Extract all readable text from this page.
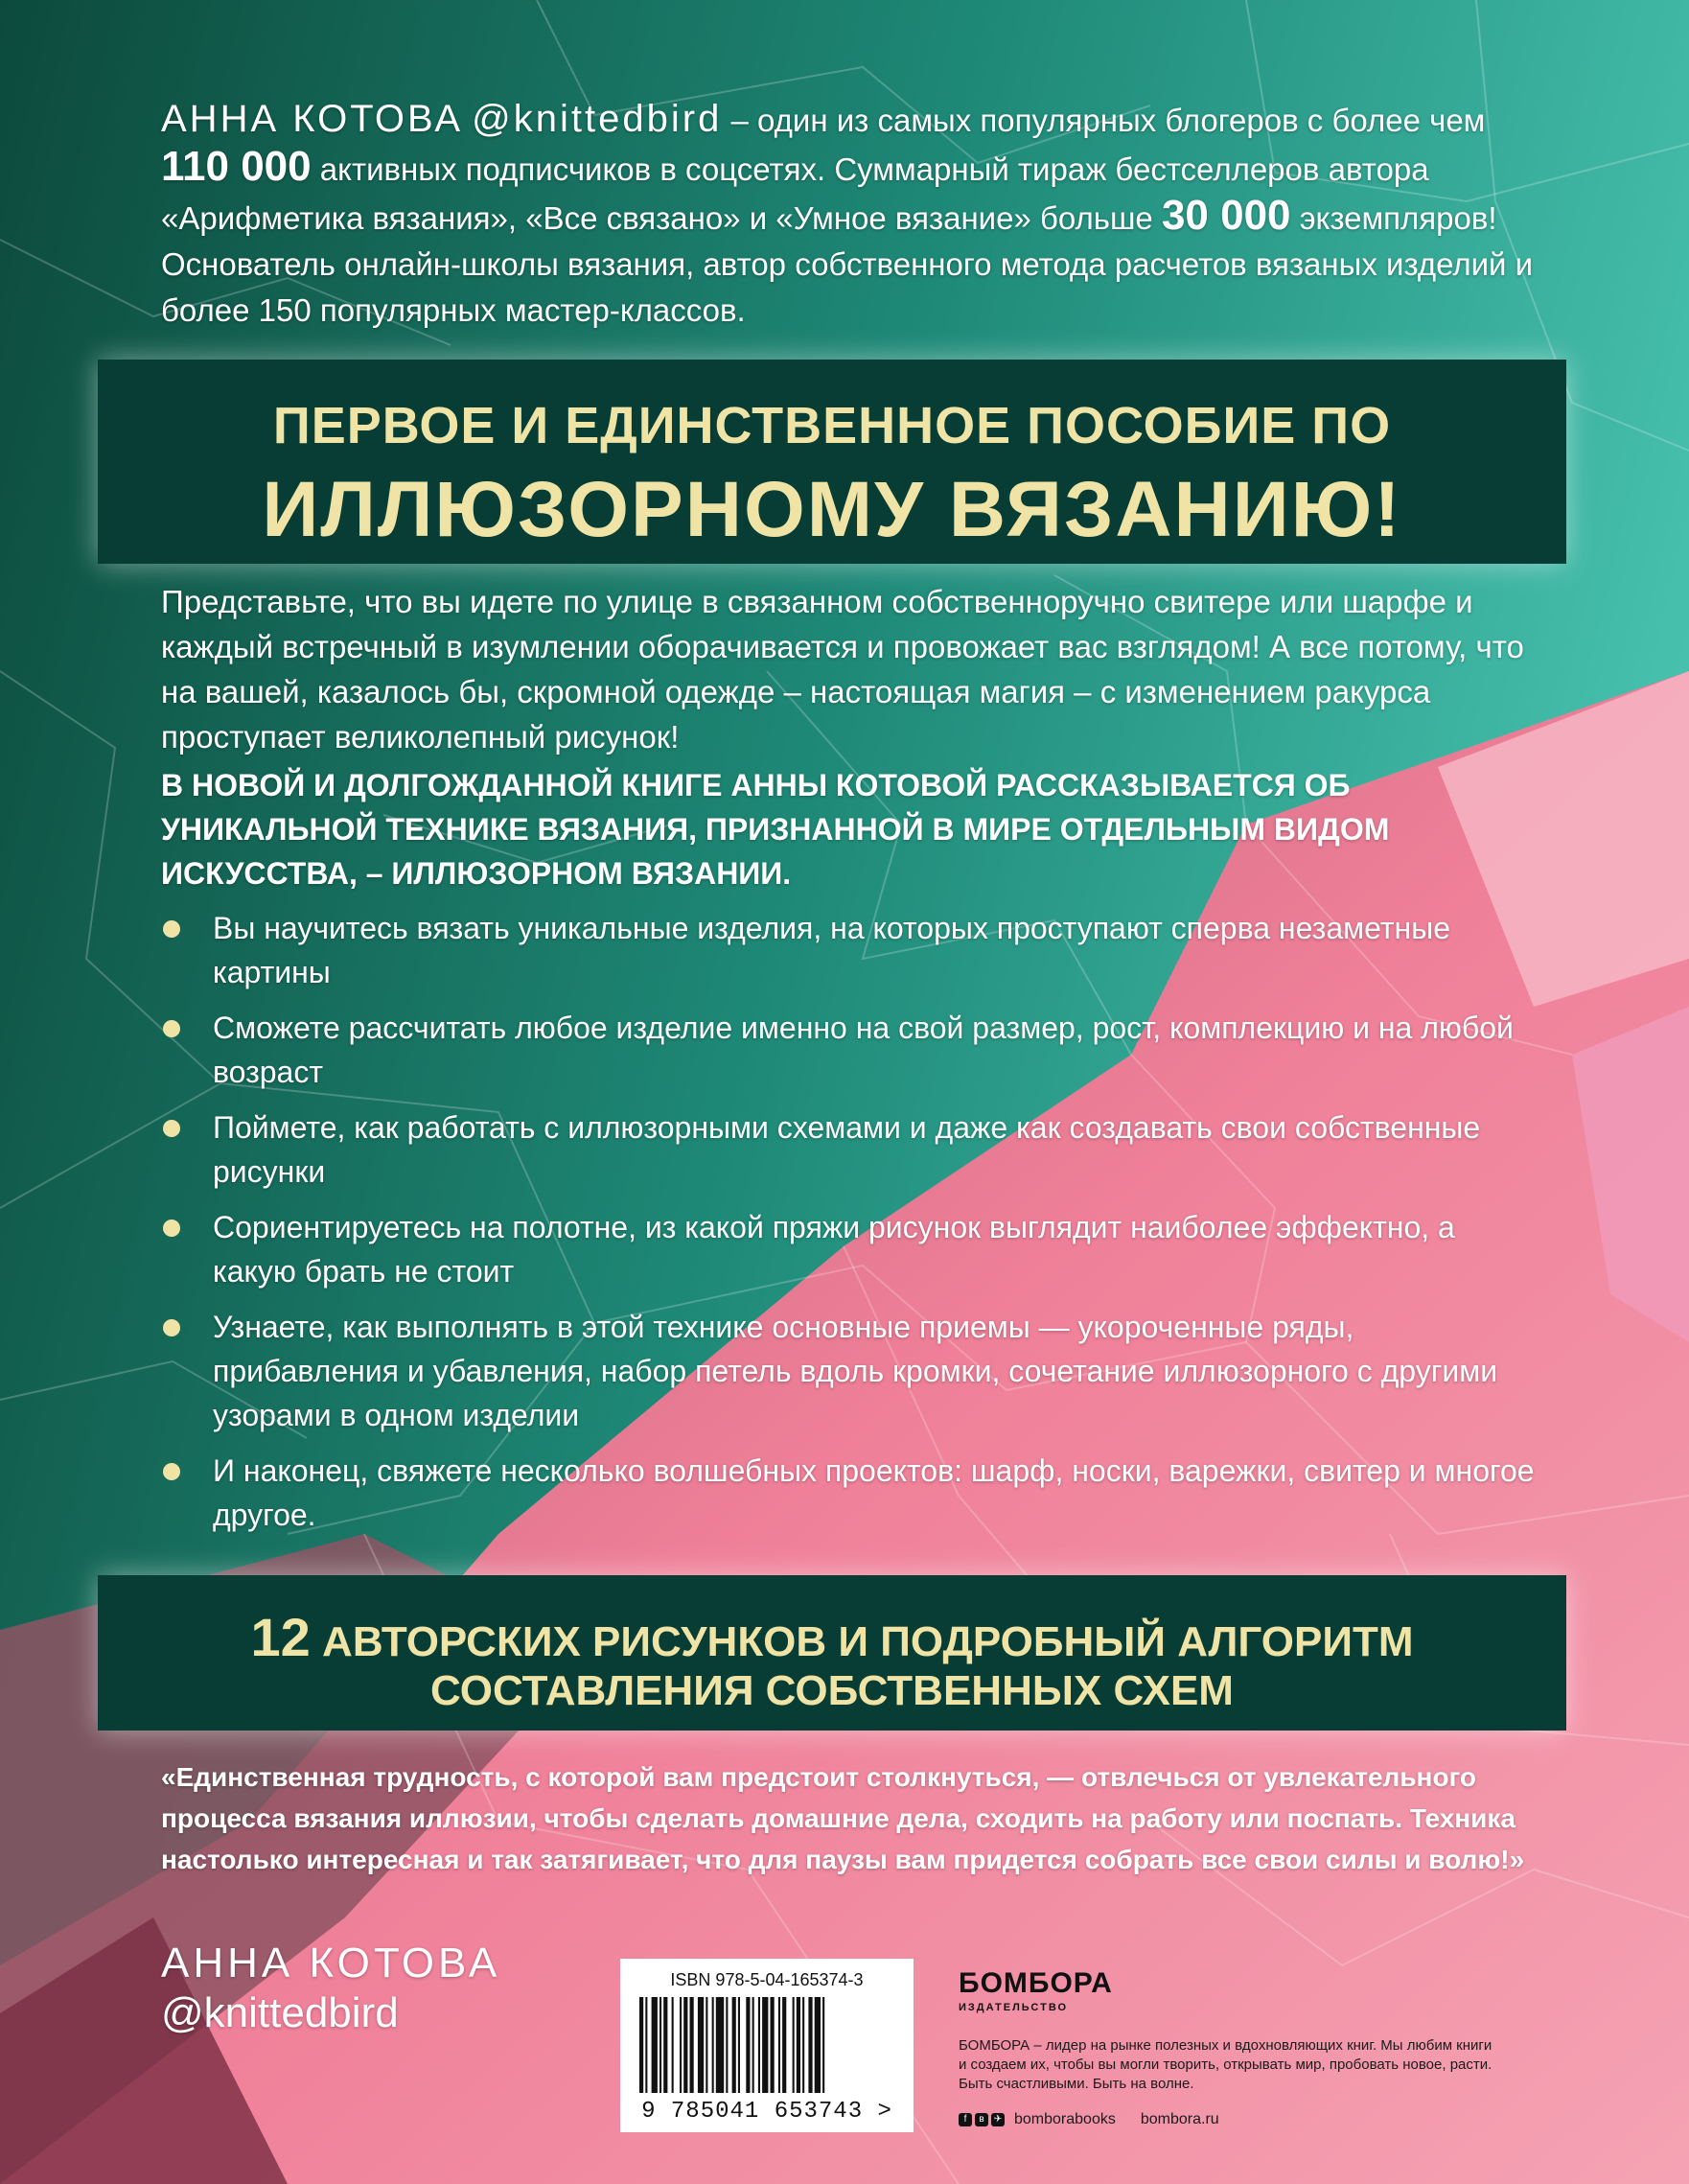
АННА КОТОВА @knittedbird – один из самых популярных блогеров с более чем 110 000 активных подписчиков в соцсетях. Суммарный тираж бестселлеров автора «Арифметика вязания», «Все связано» и «Умное вязание» больше 30 000 экземпляров! Основатель онлайн-школы вязания, автор собственного метода расчетов вязаных изделий и более 150 популярных мастер-классов.
ПЕРВОЕ И ЕДИНСТВЕННОЕ ПОСОБИЕ ПО
ИЛЛЮЗОРНОМУ ВЯЗАНИЮ!
Представьте, что вы идете по улице в связанном собственноручно свитере или шарфе и каждый встречный в изумлении оборачивается и провожает вас взглядом! А все потому, что на вашей, казалось бы, скромной одежде – настоящая магия – с изменением ракурса проступает великолепный рисунок!
В НОВОЙ И ДОЛГОЖДАННОЙ КНИГЕ АННЫ КОТОВОЙ РАССКАЗЫВАЕТСЯ ОБ УНИКАЛЬНОЙ ТЕХНИКЕ ВЯЗАНИЯ, ПРИЗНАННОЙ В МИРЕ ОТДЕЛЬНЫМ ВИДОМ ИСКУССТВА, – ИЛЛЮЗОРНОМ ВЯЗАНИИ.
Вы научитесь вязать уникальные изделия, на которых проступают сперва незаметные картины
Сможете рассчитать любое изделие именно на свой размер, рост, комплекцию и на любой возраст
Поймете, как работать с иллюзорными схемами и даже как создавать свои собственные рисунки
Сориентируетесь на полотне, из какой пряжи рисунок выглядит наиболее эффектно, а какую брать не стоит
Узнаете, как выполнять в этой технике основные приемы — укороченные ряды, прибавления и убавления, набор петель вдоль кромки, сочетание иллюзорного с другими узорами в одном изделии
И наконец, свяжете несколько волшебных проектов: шарф, носки, варежки, свитер и многое другое.
12 АВТОРСКИХ РИСУНКОВ И ПОДРОБНЫЙ АЛГОРИТМ
СОСТАВЛЕНИЯ СОБСТВЕННЫХ СХЕМ
«Единственная трудность, с которой вам предстоит столкнуться, — отвлечься от увлекательного процесса вязания иллюзии, чтобы сделать домашние дела, сходить на работу или поспать. Техника настолько интересная и так затягивает, что для паузы вам придется собрать все свои силы и волю!»
АННА КОТОВА
@knittedbird
ISBN 978-5-04-165374-3
9 785041 653743 >
БОМБОРА
ИЗДАТЕЛЬСТВО
БОМБОРА – лидер на рынке полезных и вдохновляющих книг. Мы любим книги и создаем их, чтобы вы могли творить, открывать мир, пробовать новое, расти. Быть счастливыми. Быть на волне.
f	в	✈ bomborabooks bombora.ru
